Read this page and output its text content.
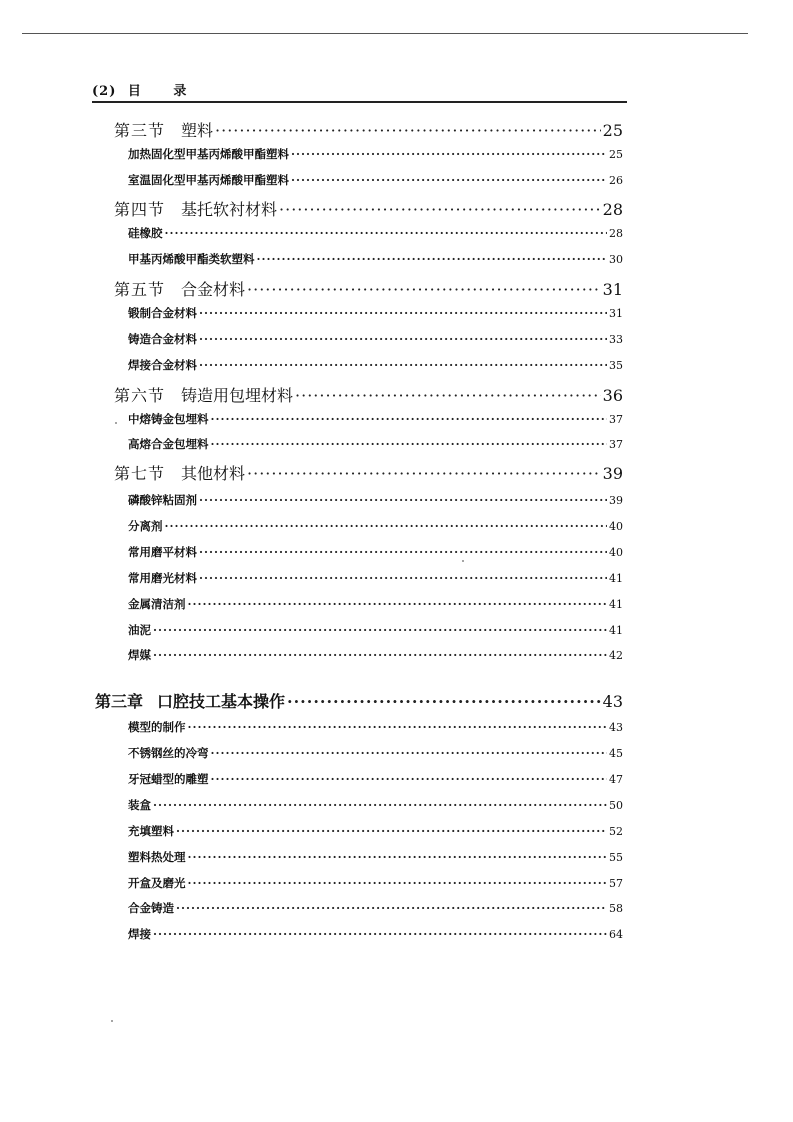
(2) 目 录
第三节 塑料 ·····	25
加热固化型甲基丙烯酸甲酯塑料 ·····	25
室温固化型甲基丙烯酸甲酯塑料 ·····	26
第四节 基托软衬材料 ·····	28
硅橡胶 ·····	28
甲基丙烯酸甲酯类软塑料 ·····	30
第五节 合金材料 ·····	31
锻制合金材料 ·····	31
铸造合金材料 ·····	33
焊接合金材料 ·····	35
第六节 铸造用包埋材料 ·····	36
中熔铸金包埋料 ·····	37
高熔合金包埋料 ·····	37
第七节 其他材料 ·····	39
磷酸锌粘固剂 ·····	39
分离剂 ·····	40
常用磨平材料 ·····	40
常用磨光材料 ·····	41
金属清洁剂 ·····	41
油泥 ·····	41
焊媒 ·····	42
第三章 口腔技工基本操作 ·····	43
模型的制作 ·····	43
不锈钢丝的冷弯 ·····	45
牙冠蜡型的雕塑 ·····	47
装盒 ·····	50
充填塑料 ·····	52
塑料热处理 ·····	55
开盒及磨光 ·····	57
合金铸造 ·····	58
焊接 ·····	64
